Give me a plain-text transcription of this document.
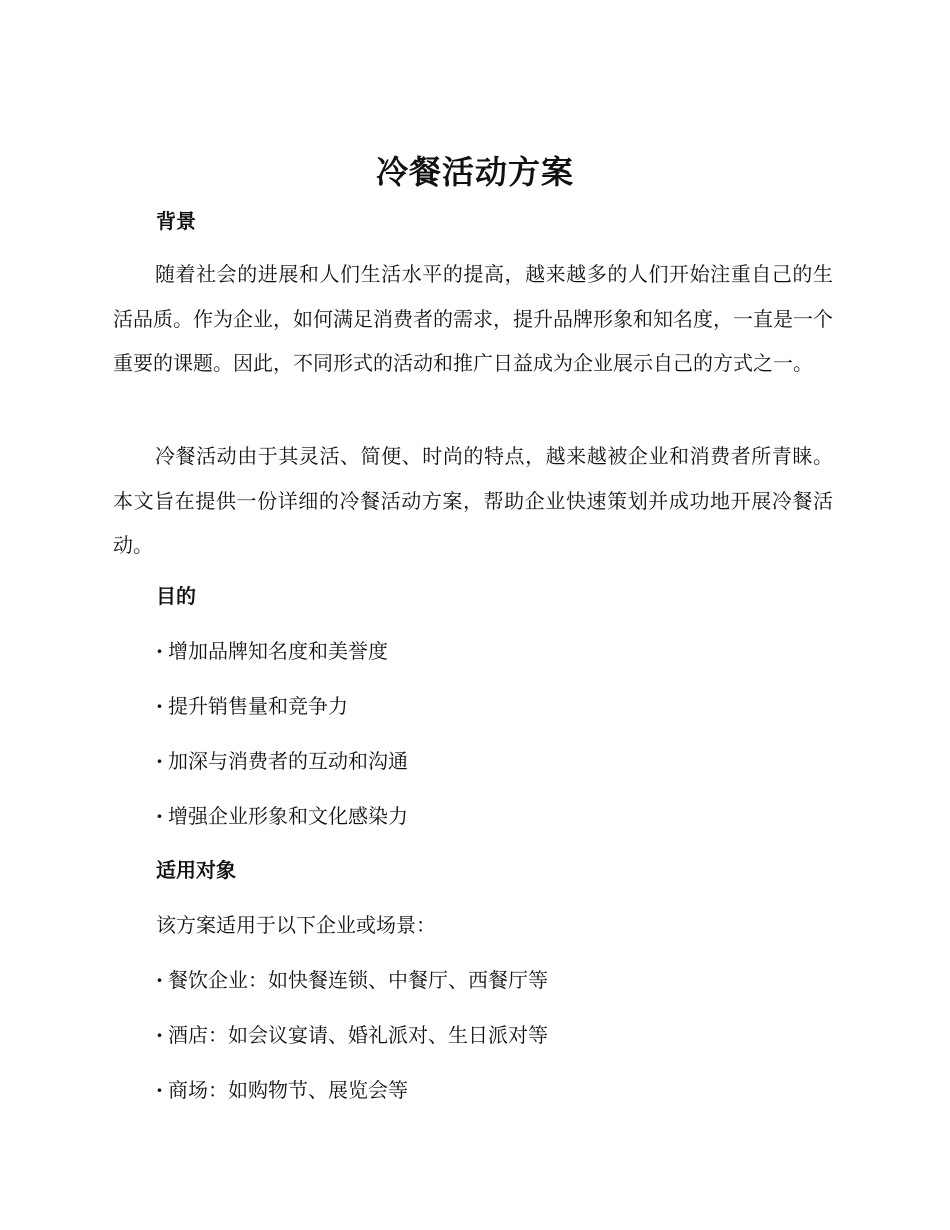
冷餐活动方案
背景
随着社会的进展和人们生活水平的提高，越来越多的人们开始注重自己的生活品质。作为企业，如何满足消费者的需求，提升品牌形象和知名度，一直是一个重要的课题。因此，不同形式的活动和推广日益成为企业展示自己的方式之一。
冷餐活动由于其灵活、简便、时尚的特点，越来越被企业和消费者所青睐。本文旨在提供一份详细的冷餐活动方案，帮助企业快速策划并成功地开展冷餐活动。
目的
· 增加品牌知名度和美誉度
· 提升销售量和竞争力
· 加深与消费者的互动和沟通
· 增强企业形象和文化感染力
适用对象
该方案适用于以下企业或场景：
· 餐饮企业：如快餐连锁、中餐厅、西餐厅等
· 酒店：如会议宴请、婚礼派对、生日派对等
· 商场：如购物节、展览会等
